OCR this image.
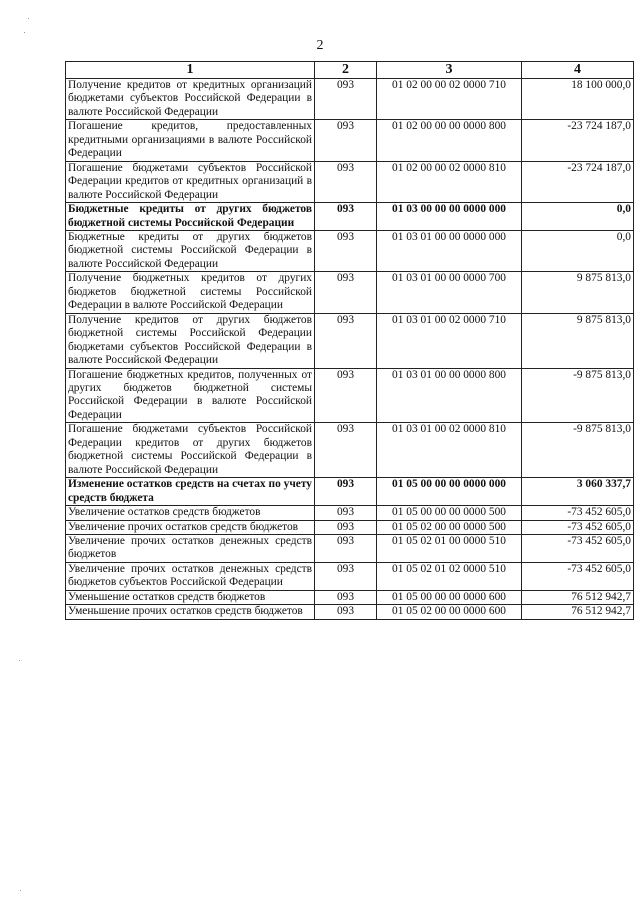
2
1	2	3	4
Получение кредитов от кредитных организаций бюджетами субъектов Российской Федерации в валюте Российской Федерации	093	01 02 00 00 02 0000 710	18 100 000,0
Погашение кредитов, предоставленных кредитными организациями в валюте Российской Федерации	093	01 02 00 00 00 0000 800	-23 724 187,0
Погашение бюджетами субъектов Российской Федерации кредитов от кредитных организаций в валюте Российской Федерации	093	01 02 00 00 02 0000 810	-23 724 187,0
Бюджетные кредиты от других бюджетов бюджетной системы Российской Федерации	093	01 03 00 00 00 0000 000	0,0
Бюджетные кредиты от других бюджетов бюджетной системы Российской Федерации в валюте Российской Федерации	093	01 03 01 00 00 0000 000	0,0
Получение бюджетных кредитов от других бюджетов бюджетной системы Российской Федерации в валюте Российской Федерации	093	01 03 01 00 00 0000 700	9 875 813,0
Получение кредитов от других бюджетов бюджетной системы Российской Федерации бюджетами субъектов Российской Федерации в валюте Российской Федерации	093	01 03 01 00 02 0000 710	9 875 813,0
Погашение бюджетных кредитов, полученных от других бюджетов бюджетной системы Российской Федерации в валюте Российской Федерации	093	01 03 01 00 00 0000 800	-9 875 813,0
Погашение бюджетами субъектов Российской Федерации кредитов от других бюджетов бюджетной системы Российской Федерации в валюте Российской Федерации	093	01 03 01 00 02 0000 810	-9 875 813,0
Изменение остатков средств на счетах по учету средств бюджета	093	01 05 00 00 00 0000 000	3 060 337,7
Увеличение остатков средств бюджетов	093	01 05 00 00 00 0000 500	-73 452 605,0
Увеличение прочих остатков средств бюджетов	093	01 05 02 00 00 0000 500	-73 452 605,0
Увеличение прочих остатков денежных средств бюджетов	093	01 05 02 01 00 0000 510	-73 452 605,0
Увеличение прочих остатков денежных средств бюджетов субъектов Российской Федерации	093	01 05 02 01 02 0000 510	-73 452 605,0
Уменьшение остатков средств бюджетов	093	01 05 00 00 00 0000 600	76 512 942,7
Уменьшение прочих остатков средств бюджетов	093	01 05 02 00 00 0000 600	76 512 942,7
